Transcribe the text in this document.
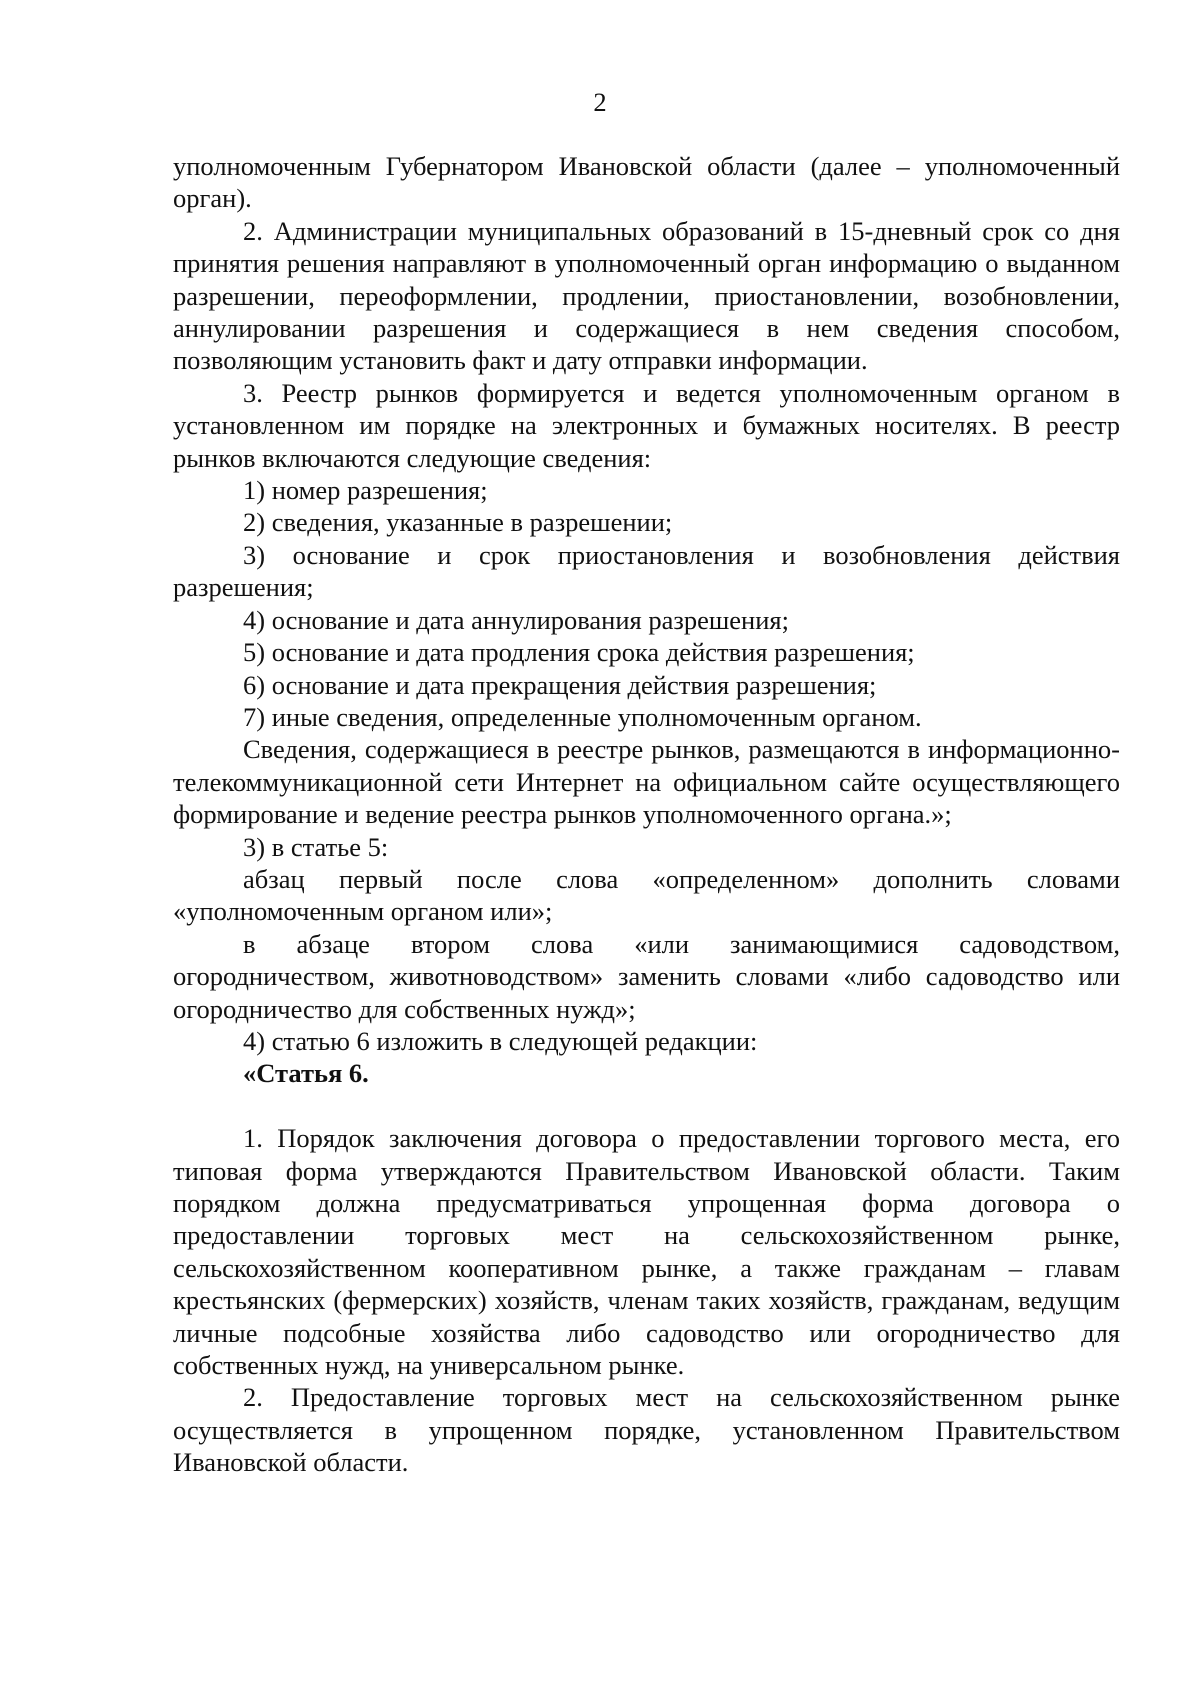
2

уполномоченным Губернатором Ивановской области (далее – уполномоченный орган).

2. Администрации муниципальных образований в 15-дневный срок со дня принятия решения направляют в уполномоченный орган информацию о выданном разрешении, переоформлении, продлении, приостановлении, возобновлении, аннулировании разрешения и содержащиеся в нем сведения способом, позволяющим установить факт и дату отправки информации.

3. Реестр рынков формируется и ведется уполномоченным органом в установленном им порядке на электронных и бумажных носителях. В реестр рынков включаются следующие сведения:

1) номер разрешения;

2) сведения, указанные в разрешении;

3) основание и срок приостановления и возобновления действия разрешения;

4) основание и дата аннулирования разрешения;

5) основание и дата продления срока действия разрешения;

6) основание и дата прекращения действия разрешения;

7) иные сведения, определенные уполномоченным органом.

Сведения, содержащиеся в реестре рынков, размещаются в информационно-телекоммуникационной сети Интернет на официальном сайте осуществляющего формирование и ведение реестра рынков уполномоченного органа.»;

3) в статье 5:

абзац первый после слова «определенном» дополнить словами «уполномоченным органом или»;

в абзаце втором слова «или занимающимися садоводством, огородничеством, животноводством» заменить словами «либо садоводство или огородничество для собственных нужд»;

4) статью 6 изложить в следующей редакции:

«Статья 6.

1. Порядок заключения договора о предоставлении торгового места, его типовая форма утверждаются Правительством Ивановской области. Таким порядком должна предусматриваться упрощенная форма договора о предоставлении торговых мест на сельскохозяйственном рынке, сельскохозяйственном кооперативном рынке, а также гражданам – главам крестьянских (фермерских) хозяйств, членам таких хозяйств, гражданам, ведущим личные подсобные хозяйства либо садоводство или огородничество для собственных нужд, на универсальном рынке.

2. Предоставление торговых мест на сельскохозяйственном рынке осуществляется в упрощенном порядке, установленном Правительством Ивановской области.
